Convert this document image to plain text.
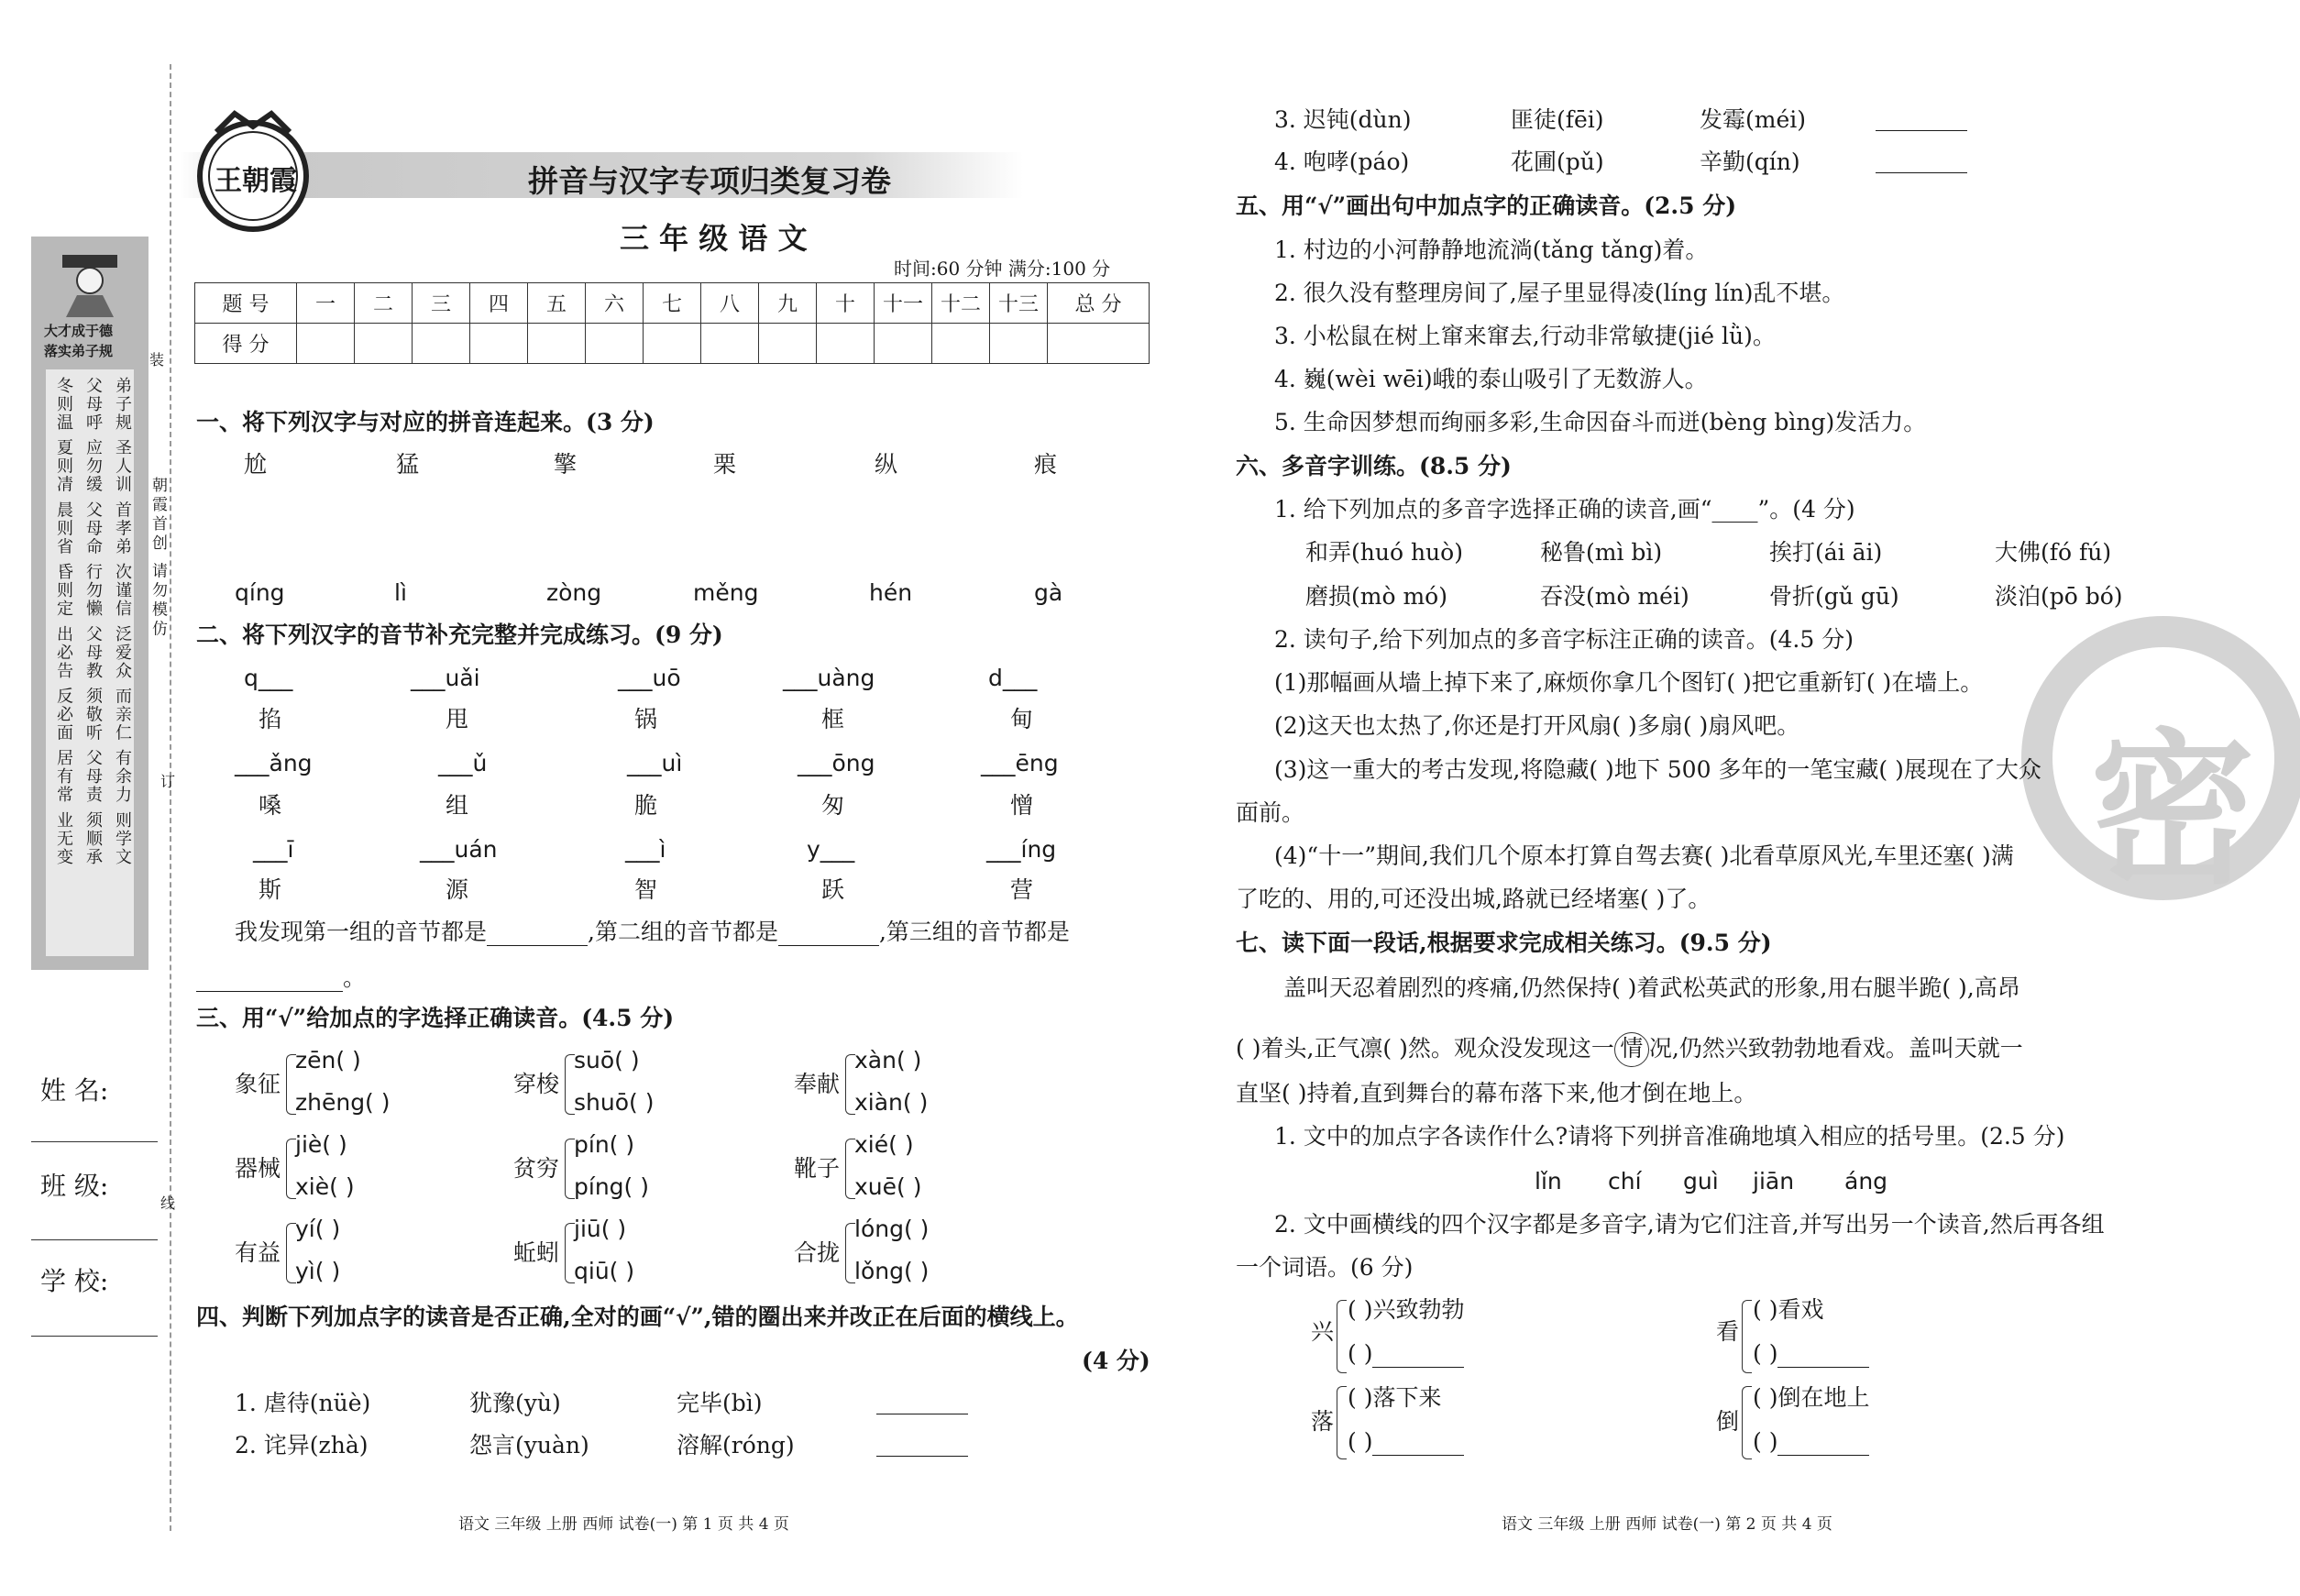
装
订
线
朝霞首创 请勿模仿
大才成于德
落实弟子规
弟子规 圣人训 首孝弟 次谨信 泛爱众 而亲仁 有余力 则学文
父母呼 应勿缓 父母命 行勿懒 父母教 须敬听 父母责 须顺承
冬则温 夏则凊 晨则省 昏则定 出必告 反必面 居有常 业无变
姓 名:
班 级:
学 校:
王朝霞	拼音与汉字专项归类复习卷
三 年 级 语 文
时间:60 分钟 满分:100 分
题 号	一	二	三	四	五	六	七	八	九	十	十一	十二	十三	总 分
得 分														
一、将下列汉字与对应的拼音连起来。(3 分)
尬	猛	擎	栗	纵	痕
qíng	lì	zòng	měng	hén	gà
二、将下列汉字的音节补充完整并完成练习。(9 分)
q___	___uǎi	___uō	___uàng	d___
掐	甩	锅	框	甸
___ǎng	___ǔ	___uì	___ōng	___ēng
嗓	组	脆	匆	憎
___ī	___uán	___ì	y___	___íng
斯	源	智	跃	营
我发现第一组的音节都是	,第二组的音节都是	,第三组的音节都是
。
三、用“√”给加点的字选择正确读音。(4.5 分)
象征
zēn( )
zhēng( )
穿梭
suō( )
shuō( )
奉献
xàn( )
xiàn( )
器械
jiè( )
xiè( )
贫穷
pín( )
píng( )
靴子
xié( )
xuē( )
有益
yí( )
yì( )
蚯蚓
jiū( )
qiū( )
合拢
lóng( )
lǒng( )
四、判断下列加点字的读音是否正确,全对的画“√”,错的圈出来并改正在后面的横线上。
(4 分)
1. 虐待(nüè)	犹豫(yù)	完毕(bì)
2. 诧异(zhà)	怨言(yuàn)	溶解(róng)
3. 迟钝(dùn)	匪徒(fēi)	发霉(méi)
4. 咆哮(páo)	花圃(pǔ)	辛勤(qín)
密
五、用“√”画出句中加点字的正确读音。(2.5 分)
1. 村边的小河静静地流淌(tǎng tǎng)着。
2. 很久没有整理房间了,屋子里显得凌(líng lín)乱不堪。
3. 小松鼠在树上窜来窜去,行动非常敏捷(jié lǜ)。
4. 巍(wèi wēi)峨的泰山吸引了无数游人。
5. 生命因梦想而绚丽多彩,生命因奋斗而迸(bèng bìng)发活力。
六、多音字训练。(8.5 分)
1. 给下列加点的多音字选择正确的读音,画“____”。(4 分)
和弄(huó huò)	秘鲁(mì bì)	挨打(ái āi)	大佛(fó fú)
磨损(mò mó)	吞没(mò méi)	骨折(gǔ gū)	淡泊(pō bó)
2. 读句子,给下列加点的多音字标注正确的读音。(4.5 分)
(1)那幅画从墙上掉下来了,麻烦你拿几个图钉( )把它重新钉( )在墙上。
(2)这天也太热了,你还是打开风扇( )多扇( )扇风吧。
(3)这一重大的考古发现,将隐藏( )地下 500 多年的一笔宝藏( )展现在了大众
面前。
(4)“十一”期间,我们几个原本打算自驾去赛( )北看草原风光,车里还塞( )满
了吃的、用的,可还没出城,路就已经堵塞( )了。
七、读下面一段话,根据要求完成相关练习。(9.5 分)
盖叫天忍着剧烈的疼痛,仍然保持( )着武松英武的形象,用右腿半跪( ),高昂
( )着头,正气凛( )然。观众没发现这一 情 况,仍然兴致勃勃地看戏。盖叫天就一
直坚( )持着,直到舞台的幕布落下来,他才倒在地上。
1. 文中的加点字各读作什么?请将下列拼音准确地填入相应的括号里。(2.5 分)
lǐn chí guì jiān áng
2. 文中画横线的四个汉字都是多音字,请为它们注音,并写出另一个读音,然后再各组
一个词语。(6 分)
兴
( )兴致勃勃
( )
看
( )看戏
( )
落
( )落下来
( )
倒
( )倒在地上
( )
语文 三年级 上册 西师 试卷(一) 第 1 页 共 4 页	语文 三年级 上册 西师 试卷(一) 第 2 页 共 4 页
